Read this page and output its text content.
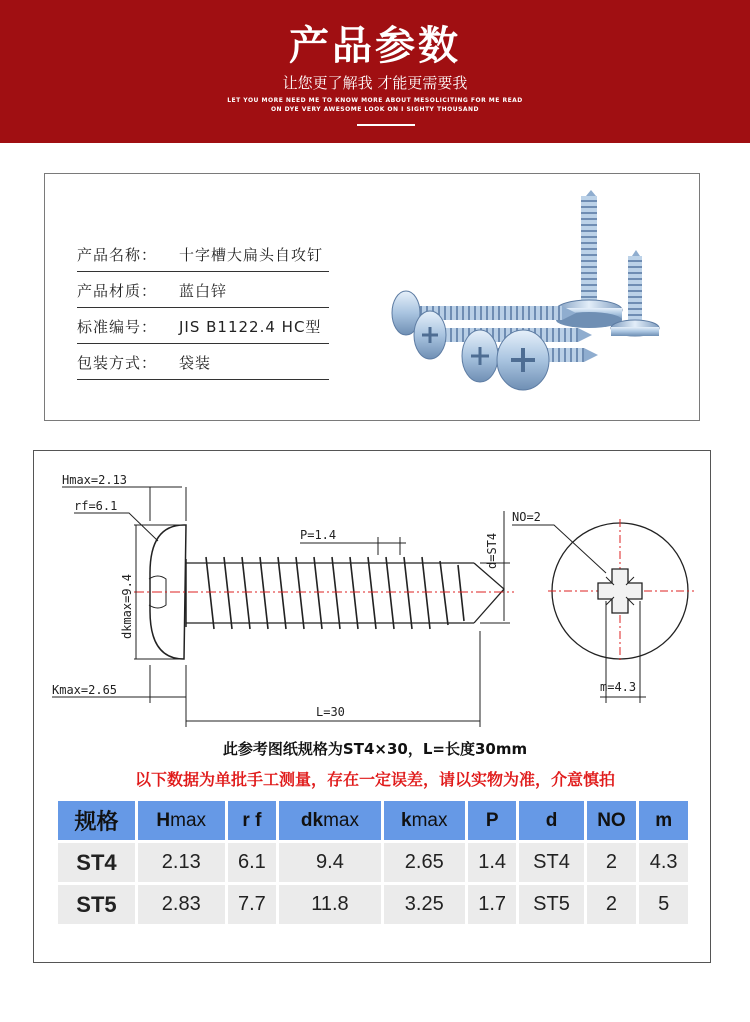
产品参数
让您更了解我 才能更需要我
LET YOU MORE NEED ME TO KNOW MORE ABOUT MESOLICITING FOR ME READ
ON DYE VERY AWESOME LOOK ON I SIGHTY THOUSAND
产品名称： 十字槽大扁头自攻钉
产品材质： 蓝白锌
标准编号： JIS B1122.4 HC型
包装方式： 袋装
Hmax=2.13
rf=6.1
dkmax=9.4
Kmax=2.65
P=1.4	d=ST4
L=30
NO=2
m=4.3
此参考图纸规格为ST4×30，L=长度30mm
以下数据为单批手工测量，存在一定误差，请以实物为准，介意慎拍
规格	Hmax	r f	dkmax	kmax	P	d	NO	m
ST4	2.13	6.1	9.4	2.65	1.4	ST4	2	4.3
ST5	2.83	7.7	11.8	3.25	1.7	ST5	2	5
